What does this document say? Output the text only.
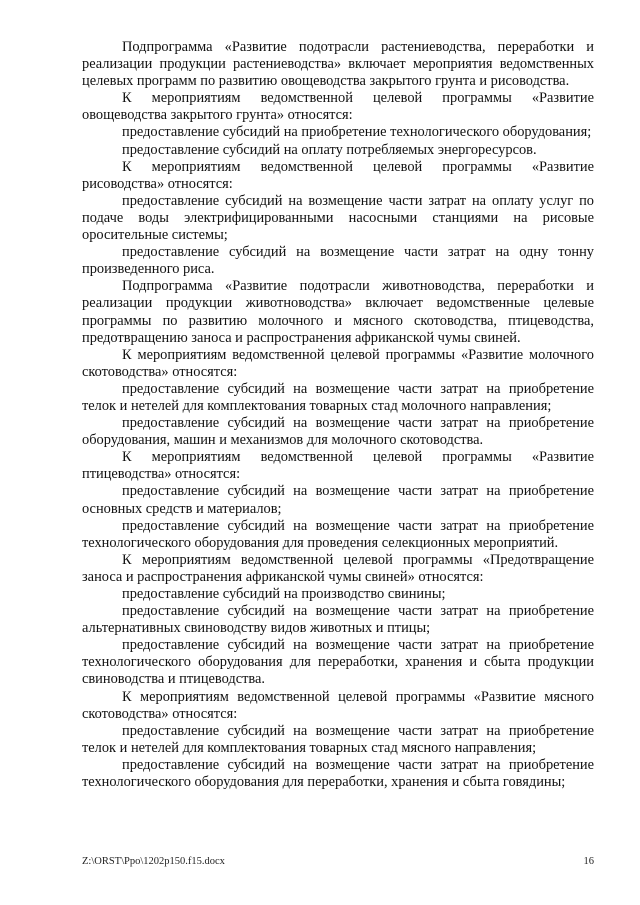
Подпрограмма «Развитие подотрасли растениеводства, переработки и реализации продукции растениеводства» включает мероприятия ведомственных целевых программ по развитию овощеводства закрытого грунта и рисоводства.

К мероприятиям ведомственной целевой программы «Развитие овощеводства закрытого грунта» относятся:

предоставление субсидий на приобретение технологического оборудования;

предоставление субсидий на оплату потребляемых энергоресурсов.

К мероприятиям ведомственной целевой программы «Развитие рисоводства» относятся:

предоставление субсидий на возмещение части затрат на оплату услуг по подаче воды электрифицированными насосными станциями на рисовые оросительные системы;

предоставление субсидий на возмещение части затрат на одну тонну произведенного риса.

Подпрограмма «Развитие подотрасли животноводства, переработки и реализации продукции животноводства» включает ведомственные целевые программы по развитию молочного и мясного скотоводства, птицеводства, предотвращению заноса и распространения африканской чумы свиней.

К мероприятиям ведомственной целевой программы «Развитие молочного скотоводства» относятся:

предоставление субсидий на возмещение части затрат на приобретение телок и нетелей для комплектования товарных стад молочного направления;

предоставление субсидий на возмещение части затрат на приобретение оборудования, машин и механизмов для молочного скотоводства.

К мероприятиям ведомственной целевой программы «Развитие птицеводства» относятся:

предоставление субсидий на возмещение части затрат на приобретение основных средств и материалов;

предоставление субсидий на возмещение части затрат на приобретение технологического оборудования для проведения селекционных мероприятий.

К мероприятиям ведомственной целевой программы «Предотвращение заноса и распространения африканской чумы свиней» относятся:

предоставление субсидий на производство свинины;

предоставление субсидий на возмещение части затрат на приобретение альтернативных свиноводству видов животных и птицы;

предоставление субсидий на возмещение части затрат на приобретение технологического оборудования для переработки, хранения и сбыта продукции свиноводства и птицеводства.

К мероприятиям ведомственной целевой программы «Развитие мясного скотоводства» относятся:

предоставление субсидий на возмещение части затрат на приобретение телок и нетелей для комплектования товарных стад мясного направления;

предоставление субсидий на возмещение части затрат на приобретение технологического оборудования для переработки, хранения и сбыта говядины;

Z:\ORST\Ppo\1202p150.f15.docx	16
